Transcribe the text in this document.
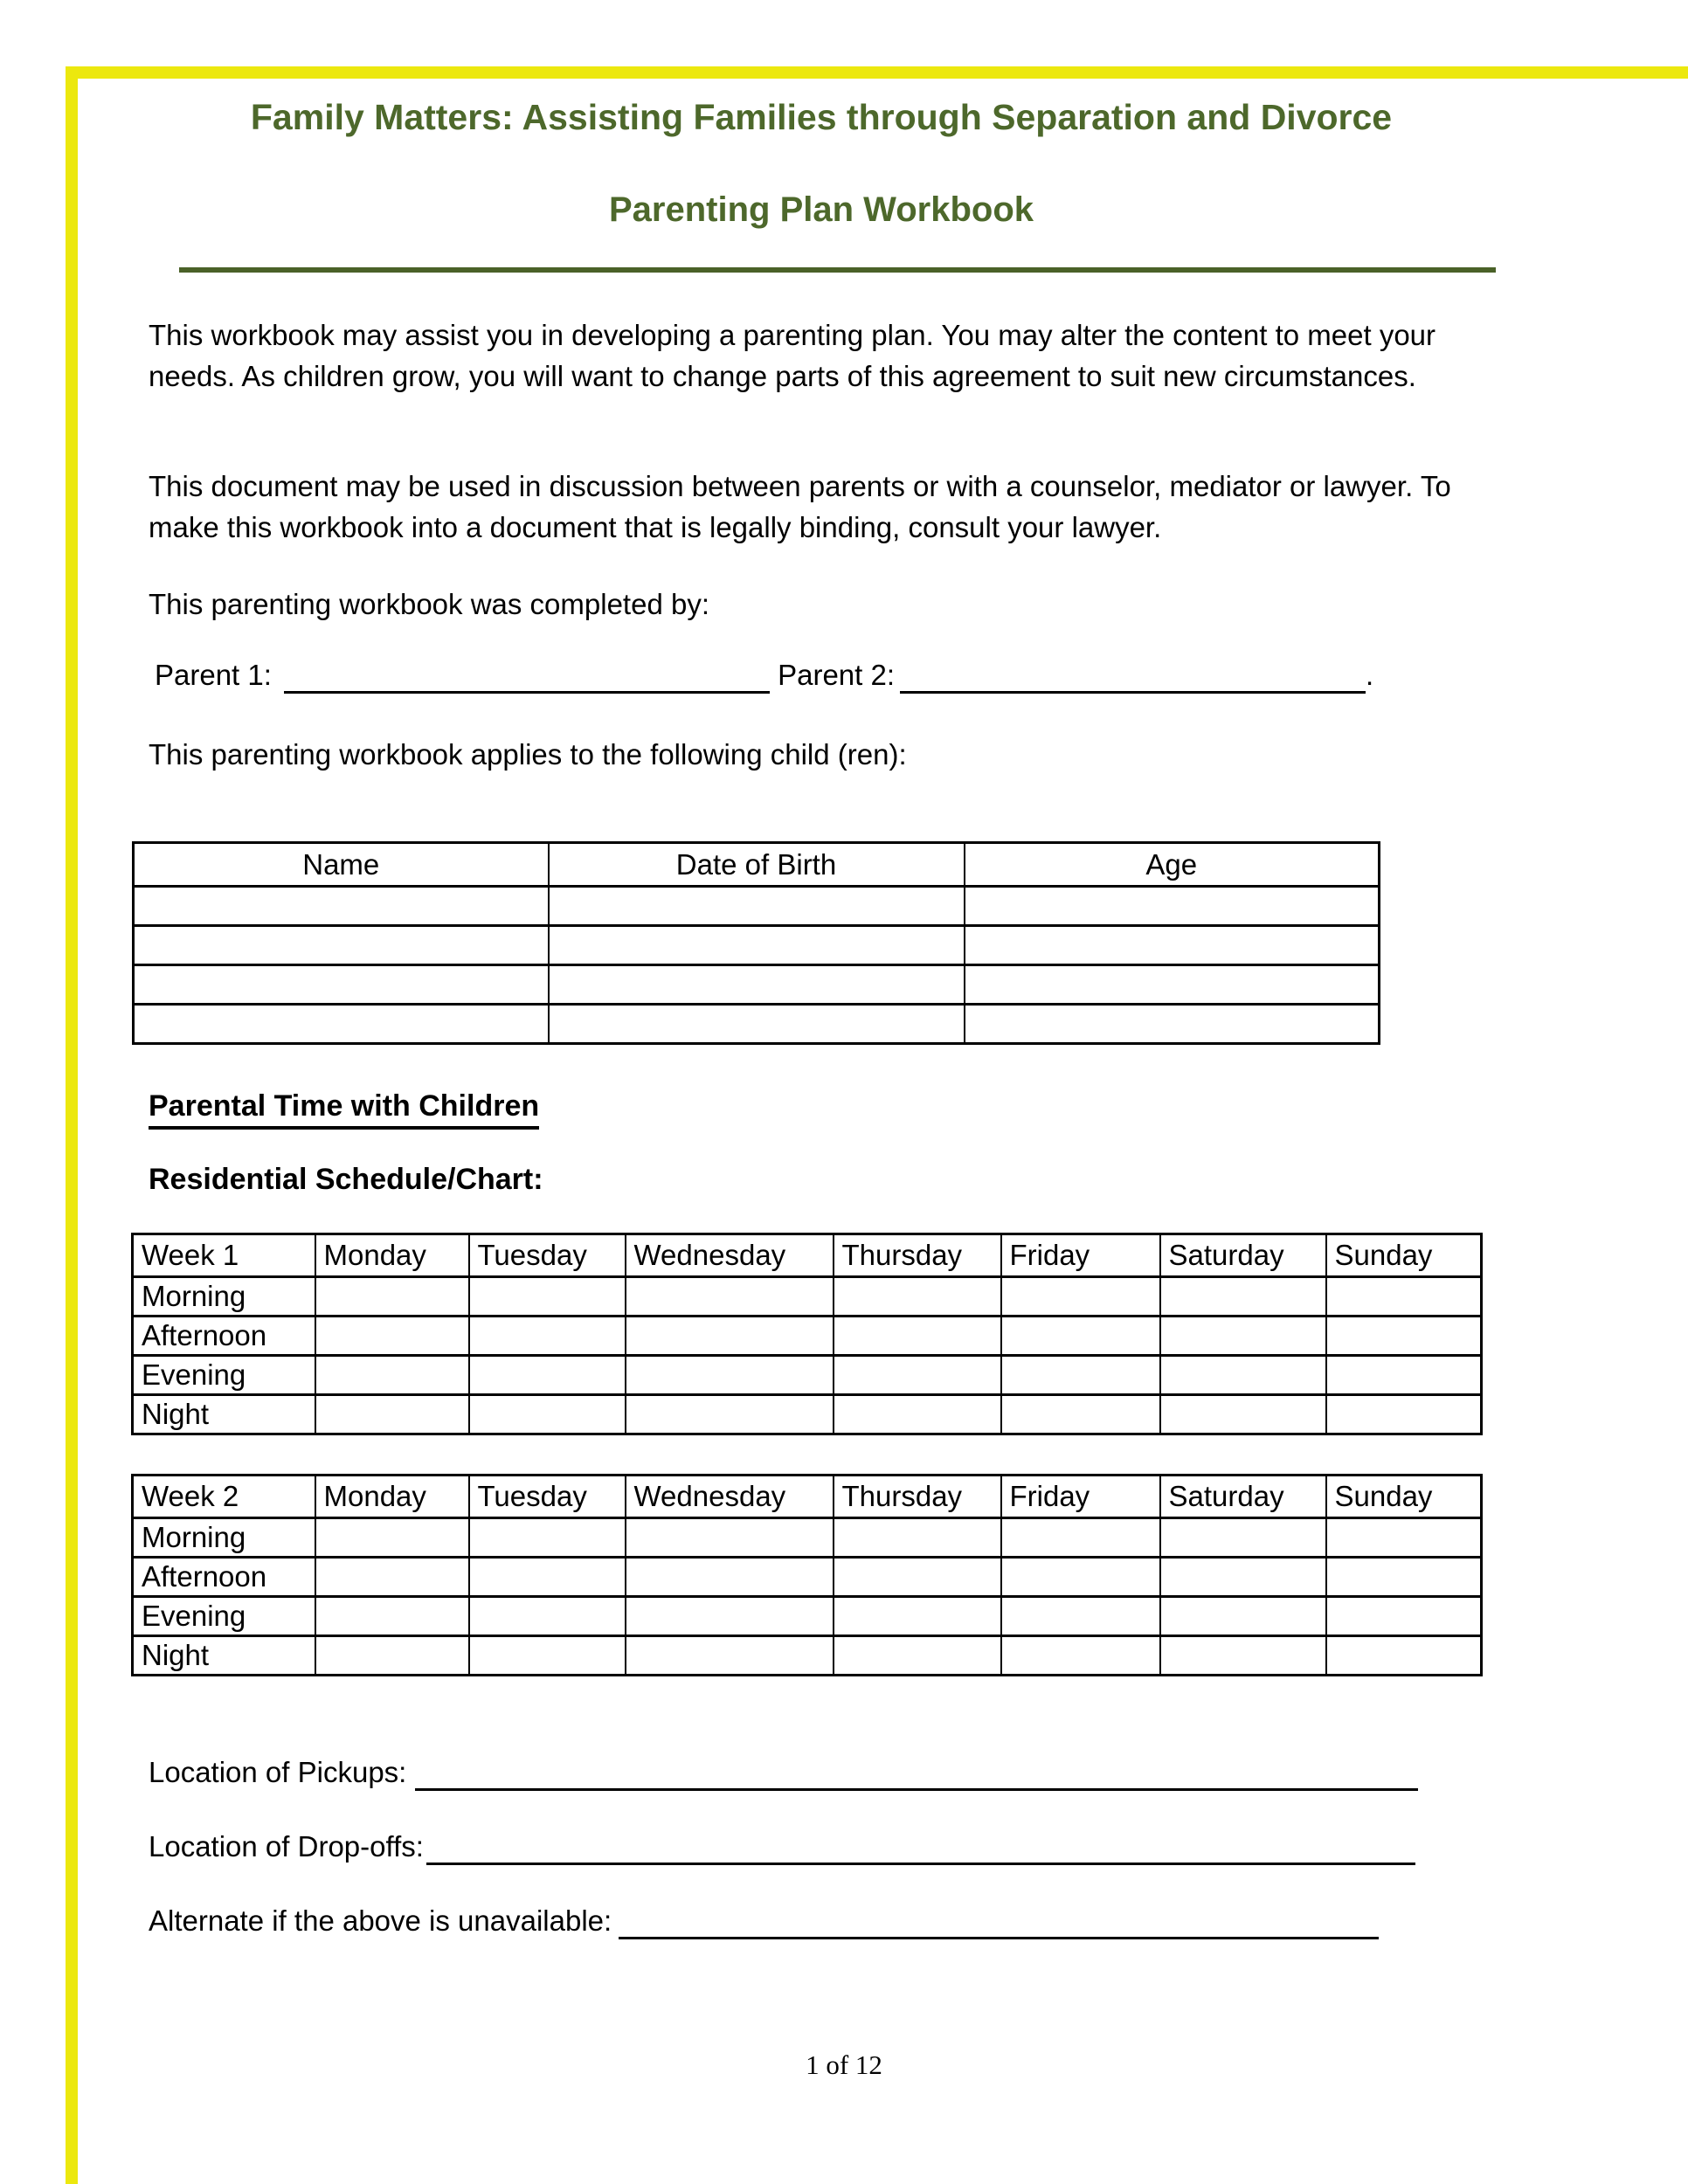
Family Matters: Assisting Families through Separation and Divorce
Parenting Plan Workbook

This workbook may assist you in developing a parenting plan. You may alter the content to meet your needs. As children grow, you will want to change parts of this agreement to suit new circumstances.

This document may be used in discussion between parents or with a counselor, mediator or lawyer. To make this workbook into a document that is legally binding, consult your lawyer.

This parenting workbook was completed by:

Parent 1:	Parent 2:	.

This parenting workbook applies to the following child (ren):

Name	Date of Birth	Age

Parental Time with Children
Residential Schedule/Chart:
Week 1	Monday	Tuesday	Wednesday	Thursday	Friday	Saturday	Sunday
Morning							
Afternoon							
Evening							
Night							
Week 2	Monday	Tuesday	Wednesday	Thursday	Friday	Saturday	Sunday
Morning							
Afternoon							
Evening							
Night							
Location of Pickups:
Location of Drop-offs:
Alternate if the above is unavailable:
1 of 12
